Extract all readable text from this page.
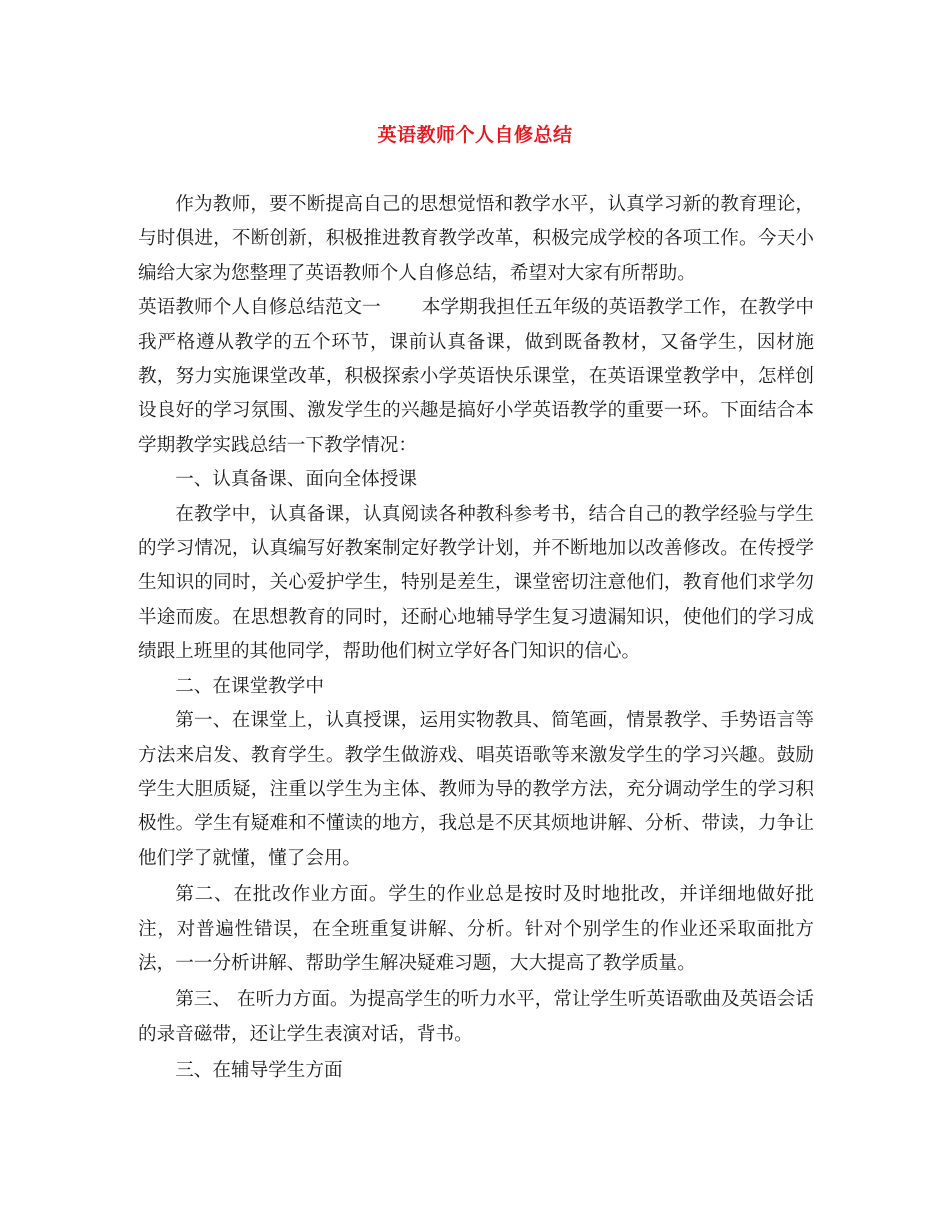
英语教师个人自修总结

作为教师，要不断提高自己的思想觉悟和教学水平，认真学习新的教育理论，与时俱进，不断创新，积极推进教育教学改革，积极完成学校的各项工作。今天小编给大家为您整理了英语教师个人自修总结，希望对大家有所帮助。

英语教师个人自修总结范文一 本学期我担任五年级的英语教学工作，在教学中我严格遵从教学的五个环节，课前认真备课，做到既备教材，又备学生，因材施教，努力实施课堂改革，积极探索小学英语快乐课堂，在英语课堂教学中，怎样创设良好的学习氛围、激发学生的兴趣是搞好小学英语教学的重要一环。下面结合本学期教学实践总结一下教学情况：

一、认真备课、面向全体授课

在教学中，认真备课，认真阅读各种教科参考书，结合自己的教学经验与学生的学习情况，认真编写好教案制定好教学计划，并不断地加以改善修改。在传授学生知识的同时，关心爱护学生，特别是差生，课堂密切注意他们，教育他们求学勿半途而废。在思想教育的同时，还耐心地辅导学生复习遗漏知识，使他们的学习成绩跟上班里的其他同学，帮助他们树立学好各门知识的信心。

二、在课堂教学中

第一、在课堂上，认真授课，运用实物教具、简笔画，情景教学、手势语言等方法来启发、教育学生。教学生做游戏、唱英语歌等来激发学生的学习兴趣。鼓励学生大胆质疑，注重以学生为主体、教师为导的教学方法，充分调动学生的学习积极性。学生有疑难和不懂读的地方，我总是不厌其烦地讲解、分析、带读，力争让他们学了就懂，懂了会用。

第二、在批改作业方面。学生的作业总是按时及时地批改，并详细地做好批注，对普遍性错误，在全班重复讲解、分析。针对个别学生的作业还采取面批方法，一一分析讲解、帮助学生解决疑难习题，大大提高了教学质量。

第三、 在听力方面。为提高学生的听力水平，常让学生听英语歌曲及英语会话的录音磁带，还让学生表演对话，背书。

三、在辅导学生方面
